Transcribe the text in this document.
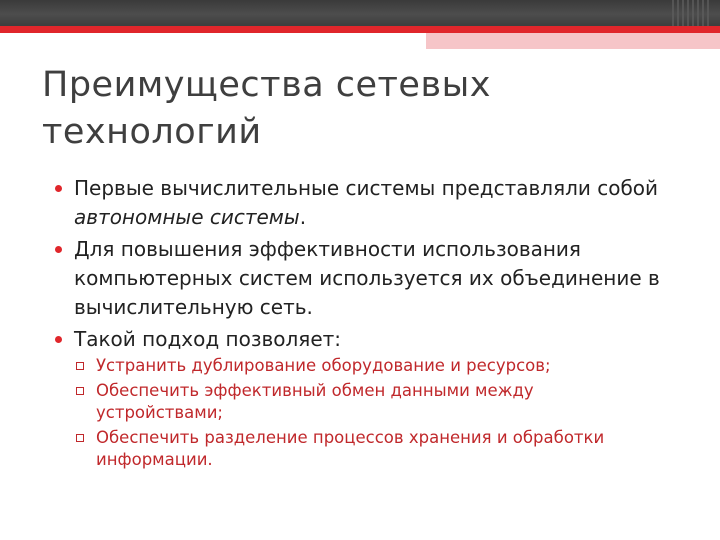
Преимущества сетевых
технологий
Первые вычислительные системы представляли собой автономные системы.
Для повышения эффективности использования компьютерных систем используется их объединение в вычислительную сеть.
Такой подход позволяет:
Устранить дублирование оборудование и ресурсов;
Обеспечить эффективный обмен данными между устройствами;
Обеспечить разделение процессов хранения и обработки информации.
